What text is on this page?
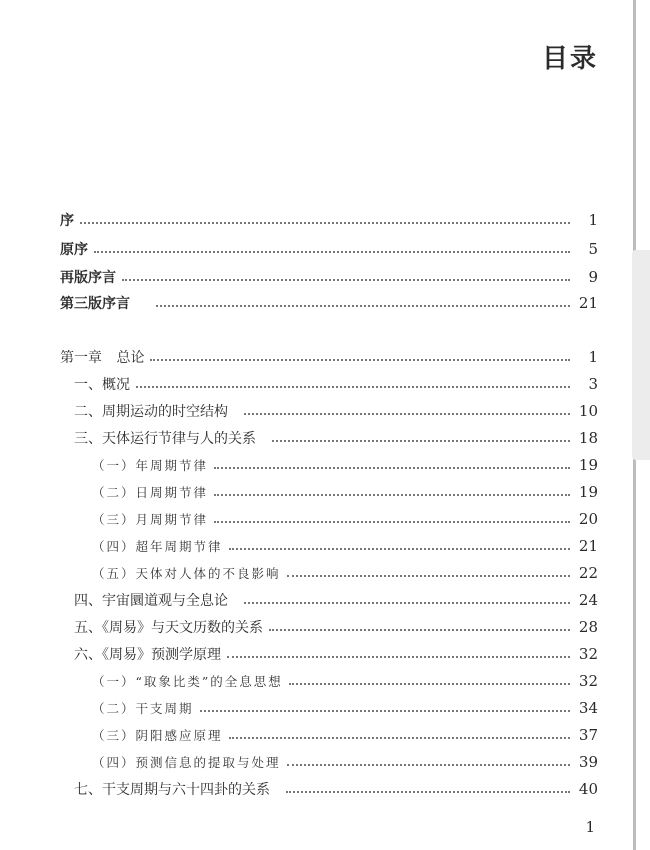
目录
序	1
原序	5
再版序言	9
第三版序言	21
第一章 总论	1
一、概况	3
二、周期运动的时空结构	10
三、天体运行节律与人的关系	18
（一）年周期节律	19
（二）日周期节律	19
（三）月周期节律	20
（四）超年周期节律	21
（五）天体对人体的不良影响	22
四、宇宙圜道观与全息论	24
五、《周易》与天文历数的关系	28
六、《周易》预测学原理	32
（一）“取象比类”的全息思想	32
（二）干支周期	34
（三）阴阳感应原理	37
（四）预测信息的提取与处理	39
七、干支周期与六十四卦的关系	40
1
